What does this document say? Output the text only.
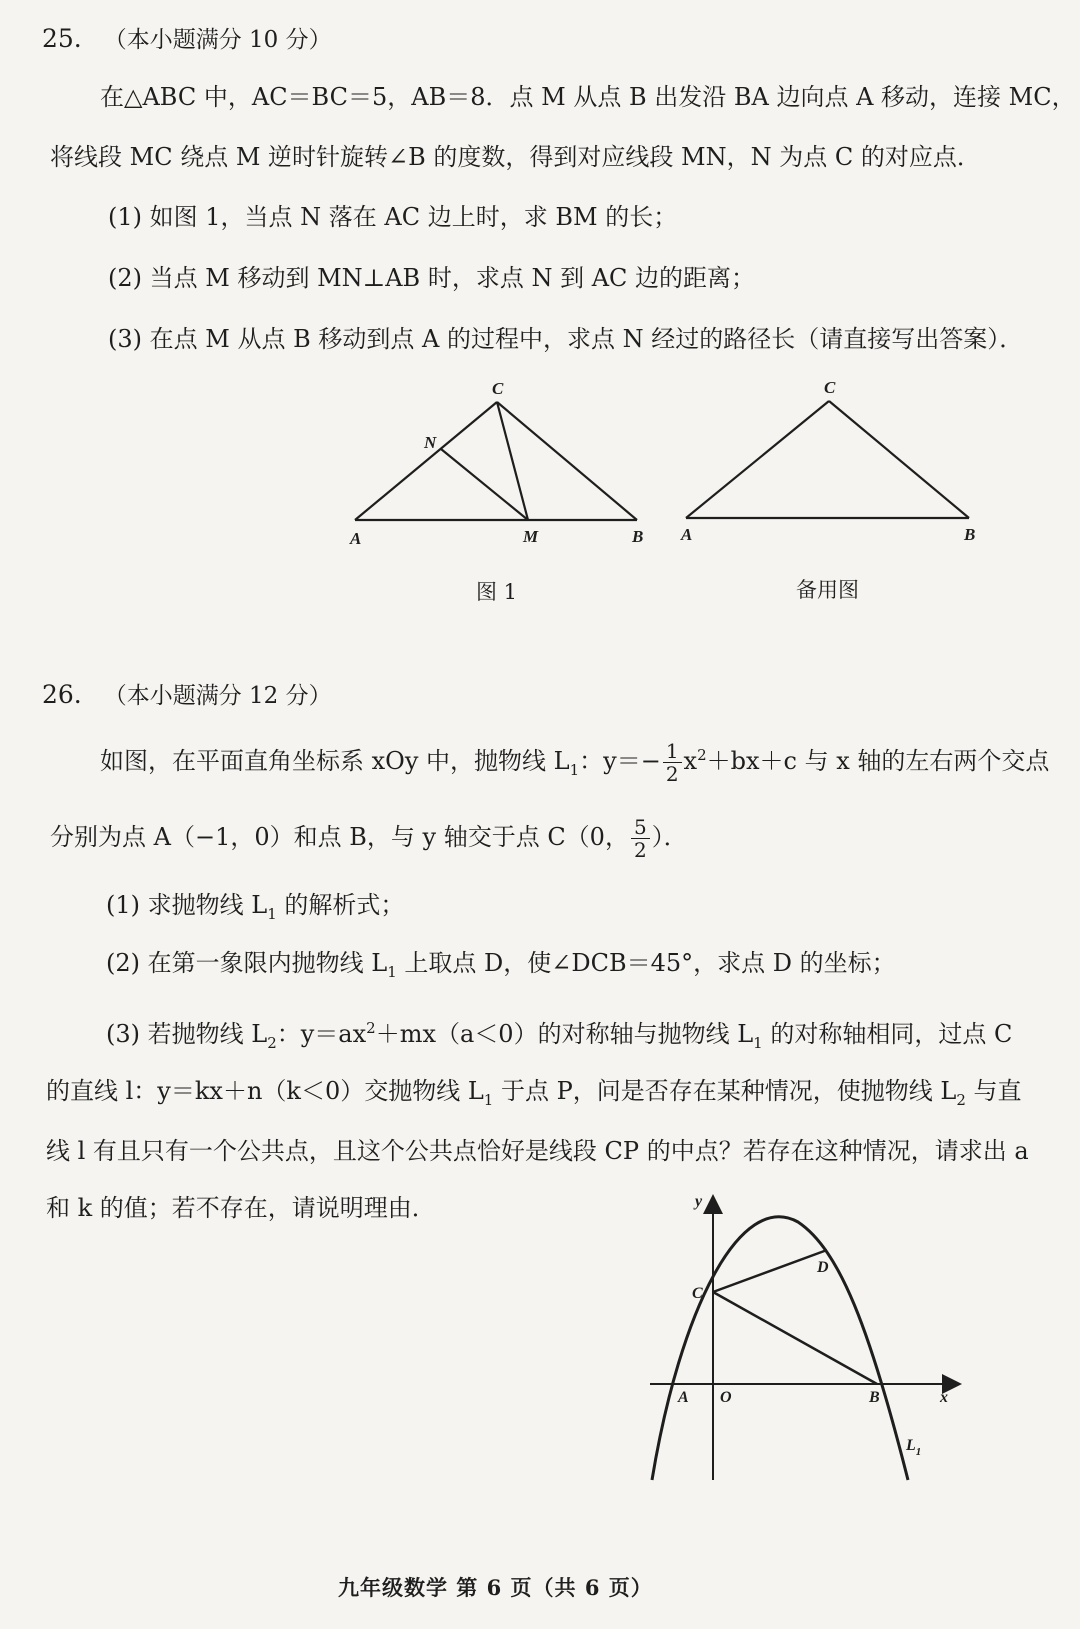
25. （本小题满分 10 分）
在△ABC 中，AC＝BC＝5，AB＝8．点 M 从点 B 出发沿 BA 边向点 A 移动，连接 MC，
将线段 MC 绕点 M 逆时针旋转∠B 的度数，得到对应线段 MN，N 为点 C 的对应点．
(1) 如图 1，当点 N 落在 AC 边上时，求 BM 的长；
(2) 当点 M 移动到 MN⊥AB 时，求点 N 到 AC 边的距离；
(3) 在点 M 从点 B 移动到点 A 的过程中，求点 N 经过的路径长（请直接写出答案）．
A	B
C
M
N
图 1
A	B
C
备用图
26. （本小题满分 12 分）
如图，在平面直角坐标系 xOy 中，抛物线 $L_1$：$y=- \frac{1}{2} x^2+bx+c$ 与 x 轴的左右两个交点
分别为点 A（−1，0）和点 B，与 y 轴交于点 C（0， $\frac{5}{2}$ ）．
(1) 求抛物线 $L_1$ 的解析式；
(2) 在第一象限内抛物线 $L_1$ 上取点 D，使∠DCB＝45°，求点 D 的坐标；
(3) 若抛物线 $L_2$：$y=ax^2+mx(a<0)$的对称轴与抛物线 $L_1$ 的对称轴相同，过点 C
的直线 l：y＝kx＋n（k＜0）交抛物线 $L_1$ 于点 P，问是否存在某种情况，使抛物线 $L_2$ 与直
线 l 有且只有一个公共点，且这个公共点恰好是线段 CP 的中点？若存在这种情况，请求出 a
和 k 的值；若不存在，请说明理由．	y
x
O
A	B
C
D
$L_1$
九年级数学 第 6 页（共 6 页）
